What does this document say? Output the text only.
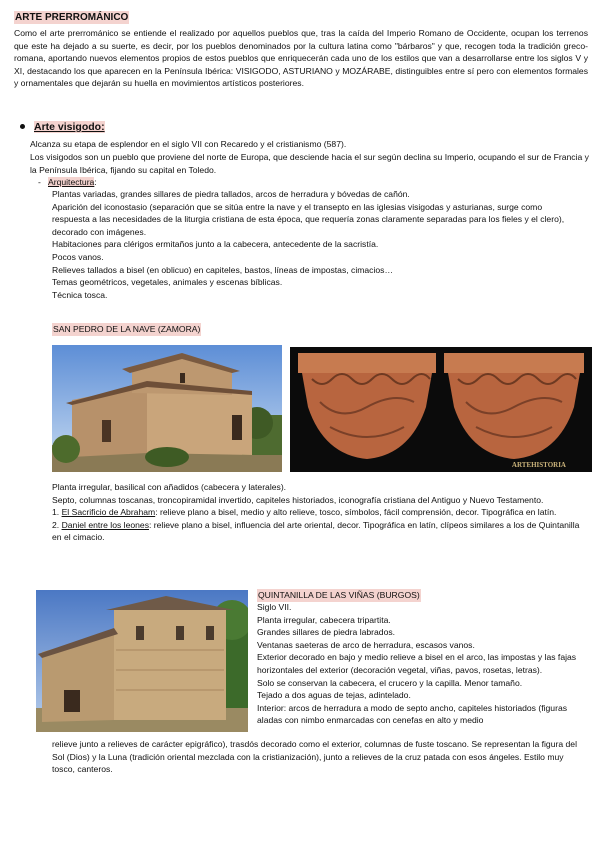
ARTE PRERROMÁNICO
Como el arte prerrománico se entiende el realizado por aquellos pueblos que, tras la caída del Imperio Romano de Occidente, ocupan los terrenos que este ha dejado a su suerte, es decir, por los pueblos denominados por la cultura latina como "bárbaros" y que, recogen toda la tradición greco-romana, aportando nuevos elementos propios de estos pueblos que enriquecerán cada uno de los estilos que van a desarrollarse entre los siglos V y XI, destacando los que aparecen en la Península Ibérica: VISIGODO, ASTURIANO y MOZÁRABE, distinguibles entre sí pero con elementos formales y ornamentales que dejarán su huella en movimientos artísticos posteriores.
Arte visigodo:
Alcanza su etapa de esplendor en el siglo VII con Recaredo y el cristianismo (587).
Los visigodos son un pueblo que proviene del norte de Europa, que desciende hacia el sur según declina su Imperio, ocupando el sur de Francia y la Península Ibérica, fijando su capital en Toledo.
- Arquitectura:
Plantas variadas, grandes sillares de piedra tallados, arcos de herradura y bóvedas de cañón.
Aparición del iconostasio (separación que se sitúa entre la nave y el transepto en las iglesias visigodas y asturianas, surge como respuesta a las necesidades de la liturgia cristiana de esta época, que requería zonas claramente separadas para los fieles y el clero), decorado con imágenes.
Habitaciones para clérigos ermitaños junto a la cabecera, antecedente de la sacristía.
Pocos vanos.
Relieves tallados a bisel (en oblicuo) en capiteles, bastos, líneas de impostas, cimacios…
Temas geométricos, vegetales, animales y escenas bíblicas.
Técnica tosca.
SAN PEDRO DE LA NAVE (ZAMORA)
ARTEHISTORIA

Planta irregular, basilical con añadidos (cabecera y laterales).

Septo, columnas toscanas, troncopiramidal invertido, capiteles historiados, iconografía cristiana del Antiguo y Nuevo Testamento.

1. El Sacrificio de Abraham: relieve plano a bisel, medio y alto relieve, tosco, símbolos, fácil comprensión, decor. Tipográfica en latín.

2. Daniel entre los leones: relieve plano a bisel, influencia del arte oriental, decor. Tipográfica en latín, clípeos similares a los de Quintanilla en el cimacio.

QUINTANILLA DE LAS VIÑAS (BURGOS)

Siglo VII.

Planta irregular, cabecera tripartita.

Grandes sillares de piedra labrados.

Ventanas saeteras de arco de herradura, escasos vanos.

Exterior decorado en bajo y medio relieve a bisel en el arco, las impostas y las fajas horizontales del exterior (decoración vegetal, viñas, pavos, rosetas, letras).

Solo se conservan la cabecera, el crucero y la capilla. Menor tamaño.

Tejado a dos aguas de tejas, adintelado.

Interior: arcos de herradura a modo de septo ancho, capiteles historiados (figuras aladas con nimbo enmarcadas con cenefas en alto y medio

relieve junto a relieves de carácter epigráfico), trasdós decorado como el exterior, columnas de fuste toscano. Se representan la figura del Sol (Dios) y la Luna (tradición oriental mezclada con la cristianización), junto a relieves de la cruz patada con esos ángeles. Estilo muy tosco, canteros.
